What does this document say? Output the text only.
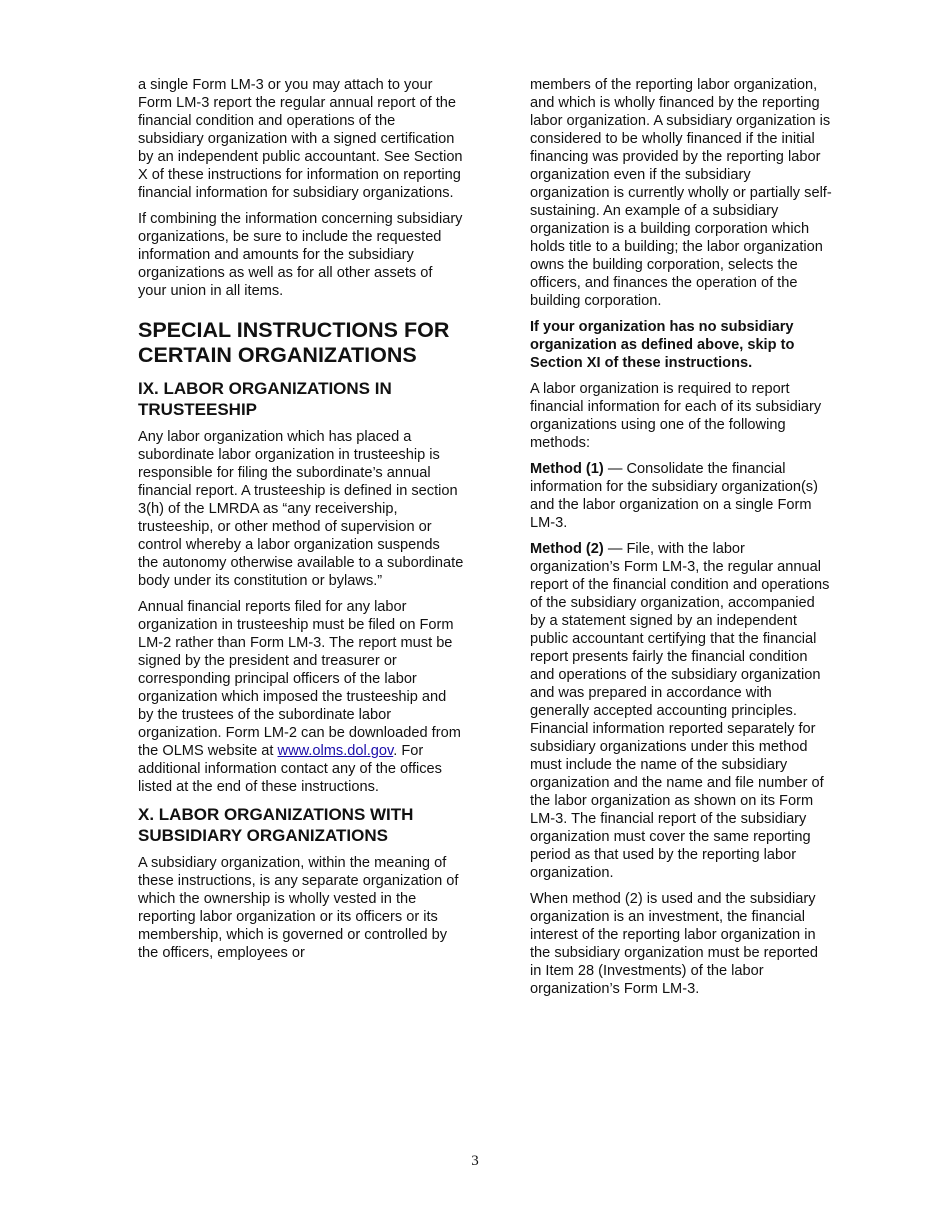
a single Form LM-3 or you may attach to your Form LM-3 report the regular annual report of the financial condition and operations of the subsidiary organization with a signed certification by an independent public accountant. See Section X of these instructions for information on reporting financial information for subsidiary organizations.

If combining the information concerning subsidiary organizations, be sure to include the requested information and amounts for the subsidiary organizations as well as for all other assets of your union in all items.

SPECIAL INSTRUCTIONS FOR CERTAIN ORGANIZATIONS
IX. LABOR ORGANIZATIONS IN TRUSTEESHIP

Any labor organization which has placed a subordinate labor organization in trusteeship is responsible for filing the subordinate’s annual financial report. A trusteeship is defined in section 3(h) of the LMRDA as “any receivership, trusteeship, or other method of supervision or control whereby a labor organization suspends the autonomy otherwise available to a subordinate body under its constitution or bylaws.”

Annual financial reports filed for any labor organization in trusteeship must be filed on Form LM-2 rather than Form LM-3. The report must be signed by the president and treasurer or corresponding principal officers of the labor organization which imposed the trusteeship and by the trustees of the subordinate labor organization. Form LM-2 can be downloaded from the OLMS website at www.olms.dol.gov. For additional information contact any of the offices listed at the end of these instructions.

X. LABOR ORGANIZATIONS WITH SUBSIDIARY ORGANIZATIONS

A subsidiary organization, within the meaning of these instructions, is any separate organization of which the ownership is wholly vested in the reporting labor organization or its officers or its membership, which is governed or controlled by the officers, employees or

members of the reporting labor organization, and which is wholly financed by the reporting labor organization. A subsidiary organization is considered to be wholly financed if the initial financing was provided by the reporting labor organization even if the subsidiary organization is currently wholly or partially self- sustaining. An example of a subsidiary organization is a building corporation which holds title to a building; the labor organization owns the building corporation, selects the officers, and finances the operation of the building corporation.

If your organization has no subsidiary organization as defined above, skip to Section XI of these instructions.

A labor organization is required to report financial information for each of its subsidiary organizations using one of the following methods:

Method (1) — Consolidate the financial information for the subsidiary organization(s) and the labor organization on a single Form LM-3.

Method (2) — File, with the labor organization’s Form LM-3, the regular annual report of the financial condition and operations of the subsidiary organization, accompanied by a statement signed by an independent public accountant certifying that the financial report presents fairly the financial condition and operations of the subsidiary organization and was prepared in accordance with generally accepted accounting principles. Financial information reported separately for subsidiary organizations under this method must include the name of the subsidiary organization and the name and file number of the labor organization as shown on its Form LM-3. The financial report of the subsidiary organization must cover the same reporting period as that used by the reporting labor organization.

When method (2) is used and the subsidiary organization is an investment, the financial interest of the reporting labor organization in the subsidiary organization must be reported in Item 28 (Investments) of the labor organization’s Form LM-3.

3
